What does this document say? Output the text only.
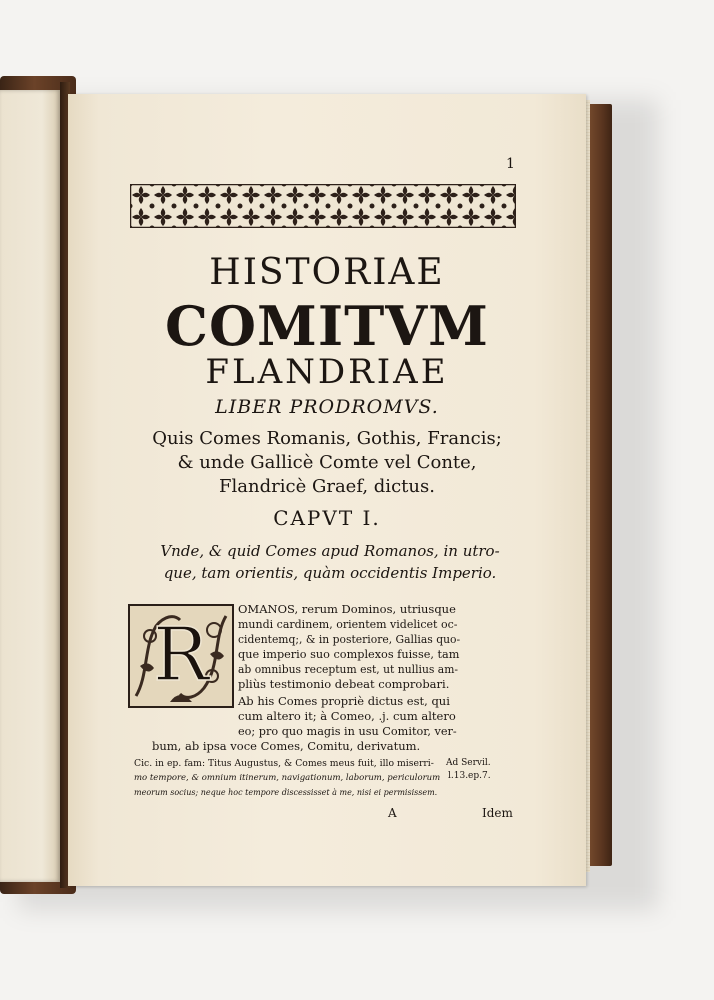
1
HISTORIAE
COMITVM
FLANDRIAE
LIBER PRODROMVS.
Quis Comes Romanis, Gothis, Francis;
& unde Gallicè Comte vel Conte,
Flandricè Graef, dictus.
CAPVT I.
Vnde, & quid Comes apud Romanos, in utro-
que, tam orientis, quàm occidentis Imperio.
R
OMANOS, rerum Dominos, utriusque
mundi cardinem, orientem videlicet oc-
cidentemq;, & in posteriore, Gallias quo-
que imperio suo complexos fuisse, tam
ab omnibus receptum est, ut nullius am-
pliùs testimonio debeat comprobari.
Ab his Comes propriè dictus est, qui
cum altero it; à Comeo, .j. cum altero
eo; pro quo magis in usu Comitor, ver-
bum, ab ipsa voce Comes, Comitu, derivatum.
Cic. in ep. fam: Titus Augustus, & Comes meus fuit, illo miserri-
mo tempore, & omnium itinerum, navigationum, laborum, periculorum
meorum socius; neque hoc tempore discessisset à me, nisi ei permisissem.
Ad Servil.
l.13.ep.7.
A	Idem
